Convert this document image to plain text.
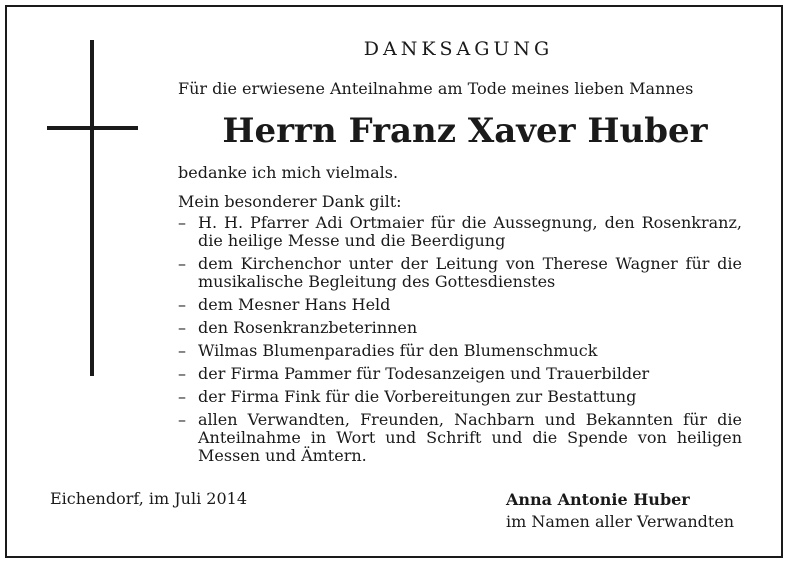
DANKSAGUNG
Für die erwiesene Anteilnahme am Tode meines lieben Mannes
Herrn Franz Xaver Huber
bedanke ich mich vielmals.
Mein besonderer Dank gilt:
– H. H. Pfarrer Adi Ortmaier für die Aussegnung, den Rosenkranz, die heilige Messe und die Beerdigung
– dem Kirchenchor unter der Leitung von Therese Wagner für die musikalische Begleitung des Gottesdienstes
– dem Mesner Hans Held
– den Rosenkranzbeterinnen
– Wilmas Blumenparadies für den Blumenschmuck
– der Firma Pammer für Todesanzeigen und Trauerbilder
– der Firma Fink für die Vorbereitungen zur Bestattung
– allen Verwandten, Freunden, Nachbarn und Bekannten für die Anteilnahme in Wort und Schrift und die Spende von heiligen Messen und Ämtern.
Eichendorf, im Juli 2014	Anna Antonie Huber
im Namen aller Verwandten
